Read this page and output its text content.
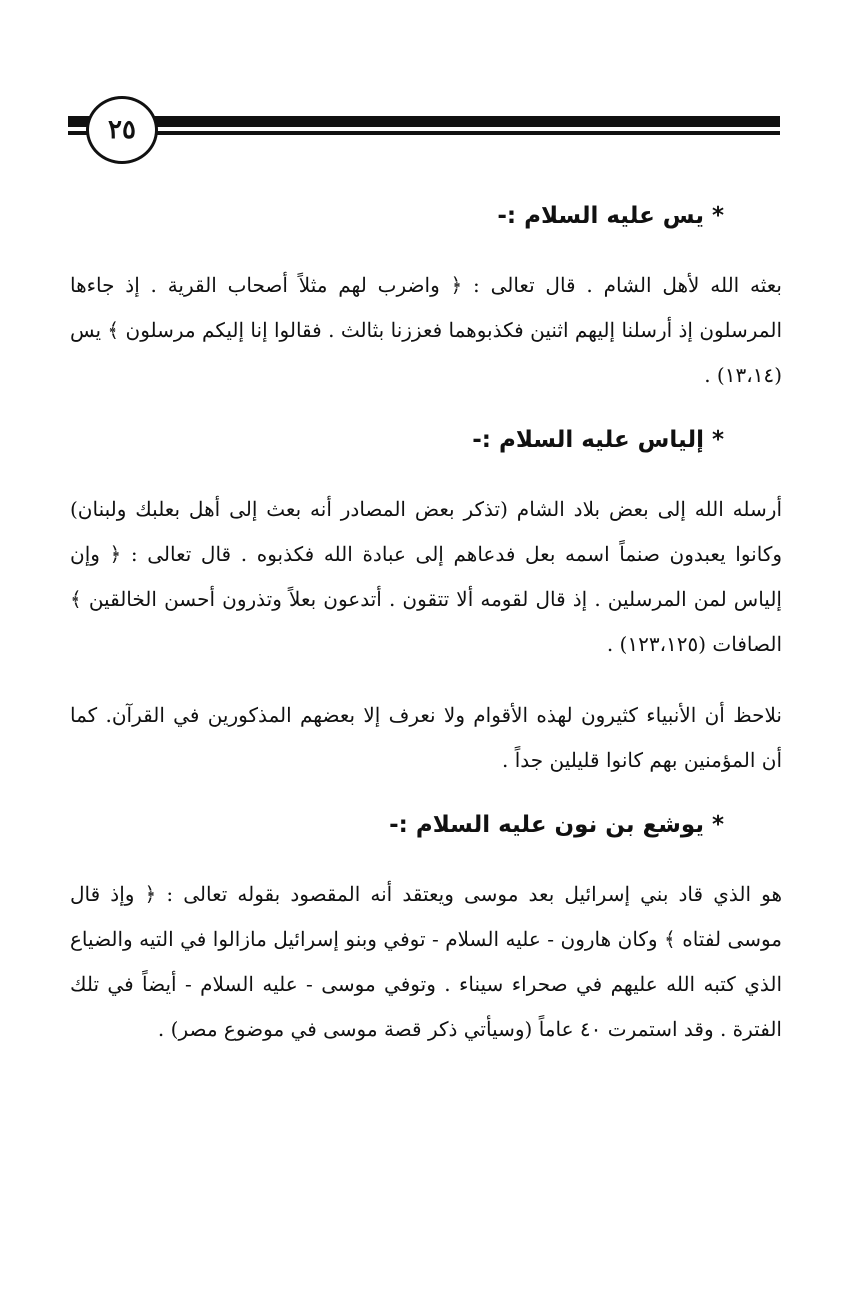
٢٥
* يس عليه السلام :-

بعثه الله لأهل الشام . قال تعالى : ﴿ واضرب لهم مثلاً أصحاب القرية . إذ جاءها المرسلون إذ أرسلنا إليهم اثنين فكذبوهما فعززنا بثالث . فقالوا إنا إليكم مرسلون ﴾ يس (١٣،١٤) .

* إلياس عليه السلام :-

أرسله الله إلى بعض بلاد الشام (تذكر بعض المصادر أنه بعث إلى أهل بعلبك ولبنان) وكانوا يعبدون صنماً اسمه بعل فدعاهم إلى عبادة الله فكذبوه . قال تعالى : ﴿ وإن إلياس لمن المرسلين . إذ قال لقومه ألا تتقون . أتدعون بعلاً وتذرون أحسن الخالقين ﴾ الصافات (١٢٣،١٢٥) .

نلاحظ أن الأنبياء كثيرون لهذه الأقوام ولا نعرف إلا بعضهم المذكورين في القرآن. كما أن المؤمنين بهم كانوا قليلين جداً .

* يوشع بن نون عليه السلام :-

هو الذي قاد بني إسرائيل بعد موسى ويعتقد أنه المقصود بقوله تعالى : ﴿ وإذ قال موسى لفتاه ﴾ وكان هارون - عليه السلام - توفي وبنو إسرائيل مازالوا في التيه والضياع الذي كتبه الله عليهم في صحراء سيناء . وتوفي موسى - عليه السلام - أيضاً في تلك الفترة . وقد استمرت ٤٠ عاماً (وسيأتي ذكر قصة موسى في موضوع مصر) .
